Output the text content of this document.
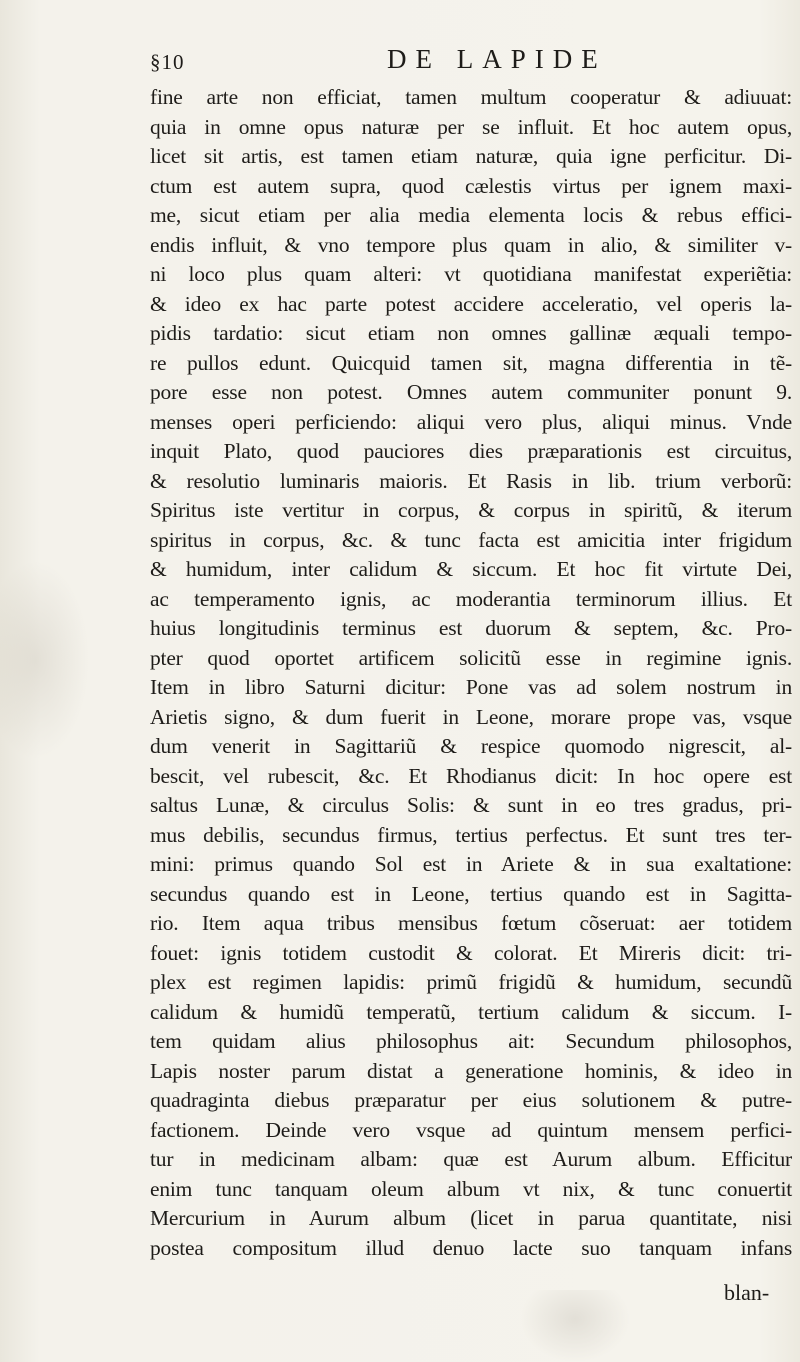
§10	DE LAPIDE
fine arte non efficiat, tamen multum cooperatur & adiuuat:
quia in omne opus naturæ per se influit. Et hoc autem opus,
licet sit artis, est tamen etiam naturæ, quia igne perficitur. Di-
ctum est autem supra, quod cælestis virtus per ignem maxi-
me, sicut etiam per alia media elementa locis & rebus effici-
endis influit, & vno tempore plus quam in alio, & similiter v-
ni loco plus quam alteri: vt quotidiana manifestat experiẽtia:
& ideo ex hac parte potest accidere acceleratio, vel operis la-
pidis tardatio: sicut etiam non omnes gallinæ æquali tempo-
re pullos edunt. Quicquid tamen sit, magna differentia in tẽ-
pore esse non potest. Omnes autem communiter ponunt 9.
menses operi perficiendo: aliqui vero plus, aliqui minus. Vnde
inquit Plato, quod pauciores dies præparationis est circuitus,
& resolutio luminaris maioris. Et Rasis in lib. trium verborũ:
Spiritus iste vertitur in corpus, & corpus in spiritũ, & iterum
spiritus in corpus, &c. & tunc facta est amicitia inter frigidum
& humidum, inter calidum & siccum. Et hoc fit virtute Dei,
ac temperamento ignis, ac moderantia terminorum illius. Et
huius longitudinis terminus est duorum & septem, &c. Pro-
pter quod oportet artificem solicitũ esse in regimine ignis.
Item in libro Saturni dicitur: Pone vas ad solem nostrum in
Arietis signo, & dum fuerit in Leone, morare prope vas, vsque
dum venerit in Sagittariũ & respice quomodo nigrescit, al-
bescit, vel rubescit, &c. Et Rhodianus dicit: In hoc opere est
saltus Lunæ, & circulus Solis: & sunt in eo tres gradus, pri-
mus debilis, secundus firmus, tertius perfectus. Et sunt tres ter-
mini: primus quando Sol est in Ariete & in sua exaltatione:
secundus quando est in Leone, tertius quando est in Sagitta-
rio. Item aqua tribus mensibus fœtum cõseruat: aer totidem
fouet: ignis totidem custodit & colorat. Et Mireris dicit: tri-
plex est regimen lapidis: primũ frigidũ & humidum, secundũ
calidum & humidũ temperatũ, tertium calidum & siccum. I-
tem quidam alius philosophus ait: Secundum philosophos,
Lapis noster parum distat a generatione hominis, & ideo in
quadraginta diebus præparatur per eius solutionem & putre-
factionem. Deinde vero vsque ad quintum mensem perfici-
tur in medicinam albam: quæ est Aurum album. Efficitur
enim tunc tanquam oleum album vt nix, & tunc conuertit
Mercurium in Aurum album (licet in parua quantitate, nisi
postea compositum illud denuo lacte suo tanquam infans
blan-
